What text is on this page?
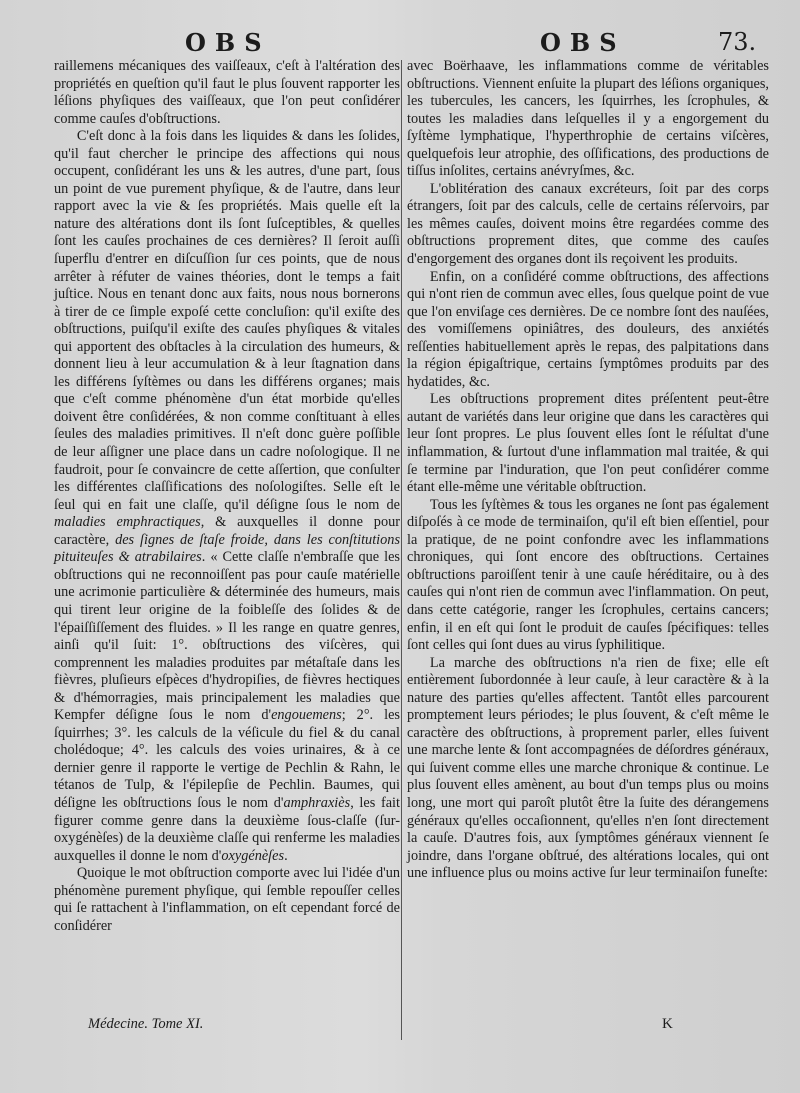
OBS	OBS	73.

raillemens mécaniques des vaiſſeaux, c'eſt à l'altération des propriétés en queſtion qu'il faut le plus ſouvent rapporter les léſions phyſiques des vaiſſeaux, que l'on peut conſidérer comme cauſes d'obſtructions.

C'eſt donc à la fois dans les liquides & dans les ſolides, qu'il faut chercher le principe des affections qui nous occupent, conſidérant les uns & les autres, d'une part, ſous un point de vue purement phyſique, & de l'autre, dans leur rapport avec la vie & ſes propriétés. Mais quelle eſt la nature des altérations dont ils ſont ſuſceptibles, & quelles ſont les cauſes prochaines de ces dernières? Il ſeroit auſſi ſuperflu d'entrer en diſcuſſion ſur ces points, que de nous arrêter à réfuter de vaines théories, dont le temps a fait juſtice. Nous en tenant donc aux faits, nous nous bornerons à tirer de ce ſimple expoſé cette concluſion: qu'il exiſte des obſtructions, puiſqu'il exiſte des cauſes phyſiques & vitales qui apportent des obſtacles à la circulation des humeurs, & donnent lieu à leur accumulation & à leur ſtagnation dans les différens ſyſtèmes ou dans les différens organes; mais que c'eſt comme phénomène d'un état morbide qu'elles doivent être conſidérées, & non comme conſtituant à elles ſeules des maladies primitives. Il n'eſt donc guère poſſible de leur aſſigner une place dans un cadre noſologique. Il ne faudroit, pour ſe convaincre de cette aſſertion, que conſulter les différentes claſſifications des noſologiſtes. Selle eſt le ſeul qui en fait une claſſe, qu'il déſigne ſous le nom de maladies emphractiques, & auxquelles il donne pour caractère, des ſignes de ſtaſe froide, dans les conſtitutions pituiteuſes & atrabilaires. « Cette claſſe n'embraſſe que les obſtructions qui ne reconnoiſſent pas pour cauſe matérielle une acrimonie particulière & déterminée des humeurs, mais qui tirent leur origine de la foibleſſe des ſolides & de l'épaiſſiſſement des fluides. » Il les range en quatre genres, ainſi qu'il ſuit: 1°. obſtructions des viſcères, qui comprennent les maladies produites par métaſtaſe dans les fièvres, pluſieurs eſpèces d'hydropiſies, de fièvres hectiques & d'hémorragies, mais principalement les maladies que Kempfer déſigne ſous le nom d'engouemens; 2°. les ſquirrhes; 3°. les calculs de la véſicule du fiel & du canal cholédoque; 4°. les calculs des voies urinaires, & à ce dernier genre il rapporte le vertige de Pechlin & Rahn, le tétanos de Tulp, & l'épilepſie de Pechlin. Baumes, qui déſigne les obſtructions ſous le nom d'amphraxiès, les fait figurer comme genre dans la deuxième ſous-claſſe (ſur-oxygénèſes) de la deuxième claſſe qui renferme les maladies auxquelles il donne le nom d'oxygénèſes.

Quoique le mot obſtruction comporte avec lui l'idée d'un phénomène purement phyſique, qui ſemble repouſſer celles qui ſe rattachent à l'inflammation, on eſt cependant forcé de conſidérer

avec Boërhaave, les inflammations comme de véritables obſtructions. Viennent enſuite la plupart des léſions organiques, les tubercules, les cancers, les ſquirrhes, les ſcrophules, & toutes les maladies dans leſquelles il y a engorgement du ſyſtème lymphatique, l'hyperthrophie de certains viſcères, quelquefois leur atrophie, des oſſifications, des productions de tiſſus inſolites, certains anévryſmes, &c.

L'oblitération des canaux excréteurs, ſoit par des corps étrangers, ſoit par des calculs, celle de certains réſervoirs, par les mêmes cauſes, doivent moins être regardées comme des obſtructions proprement dites, que comme des cauſes d'engorgement des organes dont ils reçoivent les produits.

Enfin, on a conſidéré comme obſtructions, des affections qui n'ont rien de commun avec elles, ſous quelque point de vue que l'on enviſage ces dernières. De ce nombre ſont des nauſées, des vomiſſemens opiniâtres, des douleurs, des anxiétés reſſenties habituellement après le repas, des palpitations dans la région épigaſtrique, certains ſymptômes produits par des hydatides, &c.

Les obſtructions proprement dites préſentent peut-être autant de variétés dans leur origine que dans les caractères qui leur ſont propres. Le plus ſouvent elles ſont le réſultat d'une inflammation, & ſurtout d'une inflammation mal traitée, & qui ſe termine par l'induration, que l'on peut conſidérer comme étant elle-même une véritable obſtruction.

Tous les ſyſtèmes & tous les organes ne ſont pas également diſpoſés à ce mode de terminaiſon, qu'il eſt bien eſſentiel, pour la pratique, de ne point confondre avec les inflammations chroniques, qui ſont encore des obſtructions. Certaines obſtructions paroiſſent tenir à une cauſe héréditaire, ou à des cauſes qui n'ont rien de commun avec l'inflammation. On peut, dans cette catégorie, ranger les ſcrophules, certains cancers; enfin, il en eſt qui ſont le produit de cauſes ſpécifiques: telles ſont celles qui ſont dues au virus ſyphilitique.

La marche des obſtructions n'a rien de fixe; elle eſt entièrement ſubordonnée à leur cauſe, à leur caractère & à la nature des parties qu'elles affectent. Tantôt elles parcourent promptement leurs périodes; le plus ſouvent, & c'eſt même le caractère des obſtructions, à proprement parler, elles ſuivent une marche lente & ſont accompagnées de déſordres généraux, qui ſuivent comme elles une marche chronique & continue. Le plus ſouvent elles amènent, au bout d'un temps plus ou moins long, une mort qui paroît plutôt être la ſuite des dérangemens généraux qu'elles occaſionnent, qu'elles n'en ſont directement la cauſe. D'autres fois, aux ſymptômes généraux viennent ſe joindre, dans l'organe obſtrué, des altérations locales, qui ont une influence plus ou moins active ſur leur terminaiſon funeſte:

Médecine. Tome XI.	K
